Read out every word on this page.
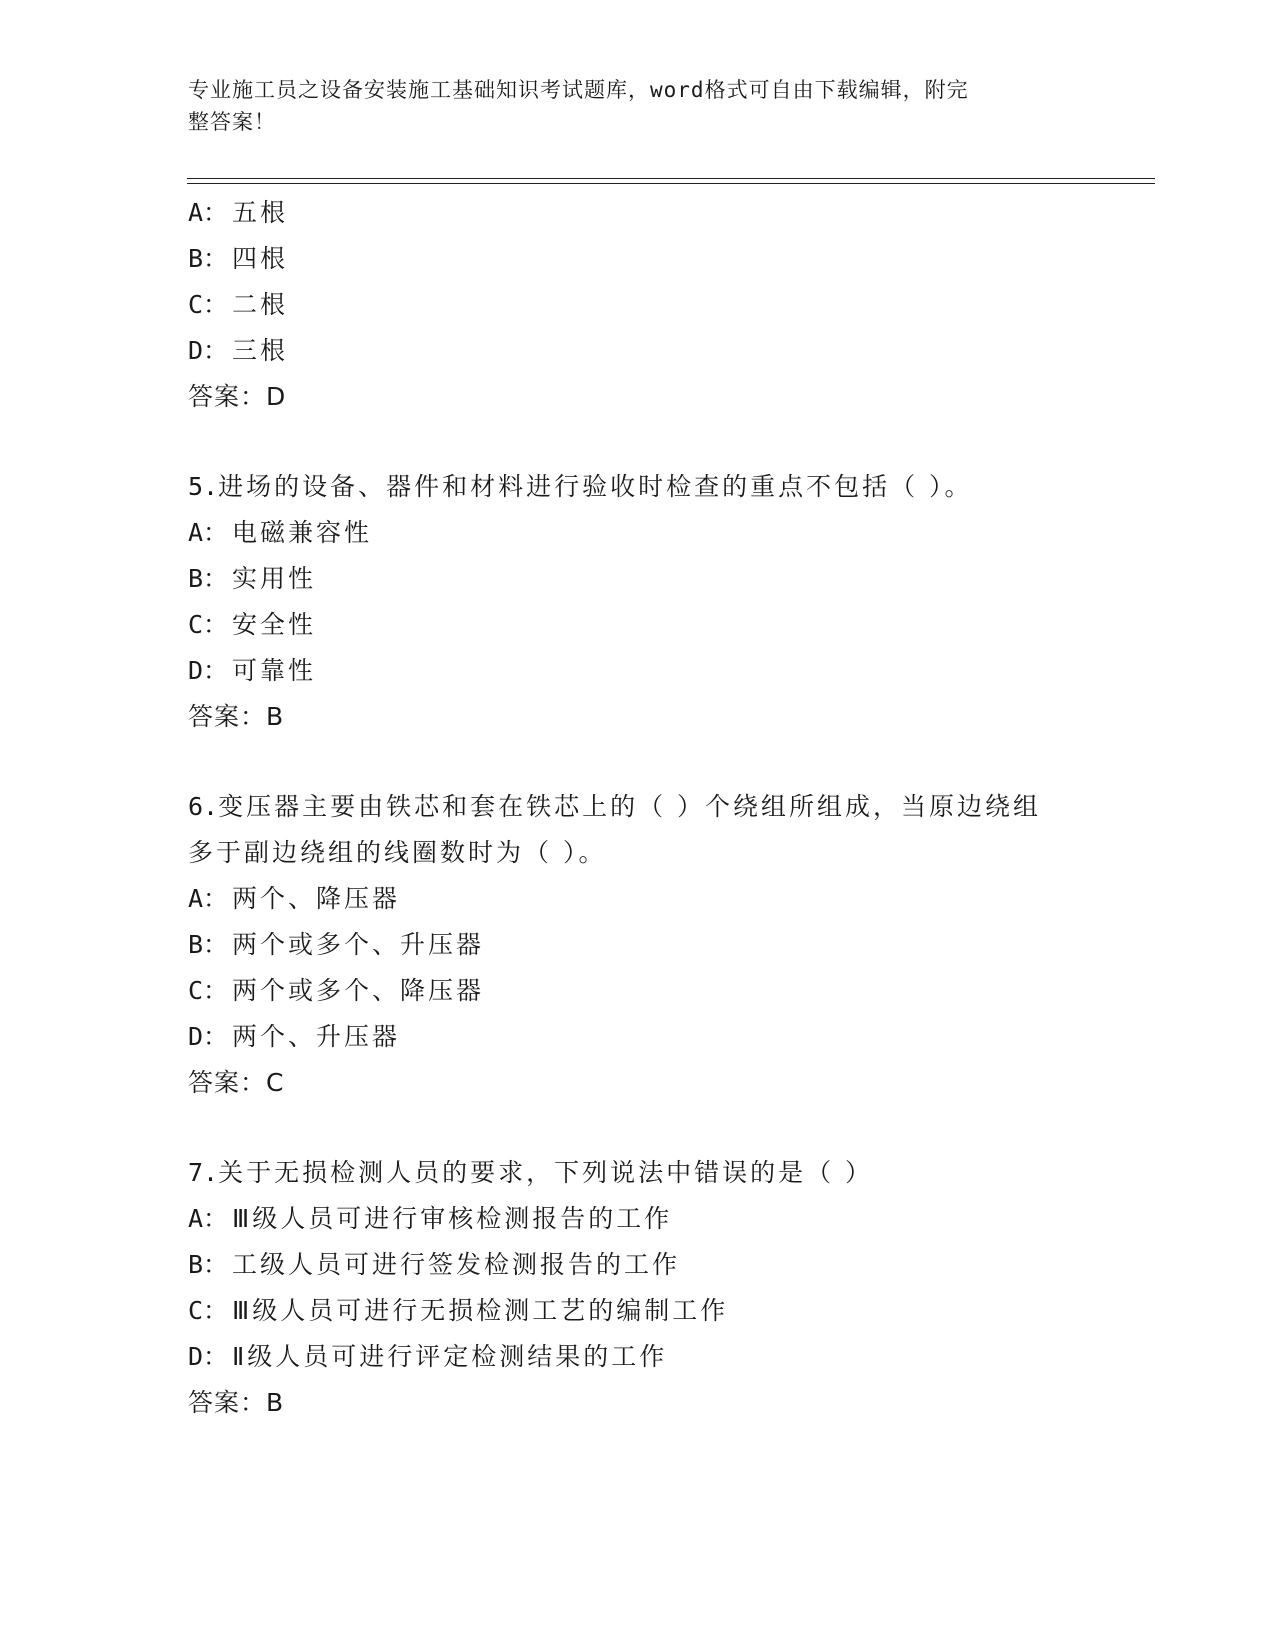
专业施工员之设备安装施工基础知识考试题库，word格式可自由下载编辑，附完
整答案！
A： 五根
B： 四根
C： 二根
D： 三根
答案：D
5.进场的设备、器件和材料进行验收时检查的重点不包括（ ）。
A： 电磁兼容性
B： 实用性
C： 安全性
D： 可靠性
答案：B
6.变压器主要由铁芯和套在铁芯上的（ ）个绕组所组成，当原边绕组
多于副边绕组的线圈数时为（ ）。
A： 两个、降压器
B： 两个或多个、升压器
C： 两个或多个、降压器
D： 两个、升压器
答案：C
7.关于无损检测人员的要求，下列说法中错误的是（ ）
A： Ⅲ级人员可进行审核检测报告的工作
B： 工级人员可进行签发检测报告的工作
C： Ⅲ级人员可进行无损检测工艺的编制工作
D： Ⅱ级人员可进行评定检测结果的工作
答案：B
